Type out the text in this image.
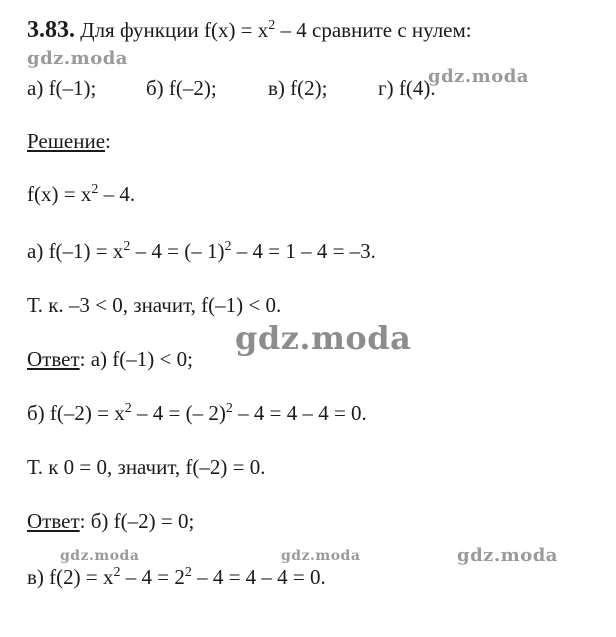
3.83. Для функции $f(x) = x^2 - 4$ сравните с нулем:
а) f(–1); б) f(–2); в) f(2); г) f(4).
Решение:
$f(x) = x^2 - 4$.
а) $f(-1) = x^2 - 4$ = (– 1)$^2$ – 4 = 1 – 4 = –3.
Т. к. –3 < 0, значит, f(–1) < 0.
Ответ: а) f(–1) < 0;
б) $f(-2) = x^2 - 4$ = (– 2)$^2$ – 4 = 4 – 4 = 0.
Т. к 0 = 0, значит, f(–2) = 0.
Ответ: б) f(–2) = 0;
в) $f(2) = x^2 - 4 = 2^2 - 4 = 4 - 4 = 0$.
gdz.moda
gdz.moda
gdz.moda
gdz.moda	gdz.moda	gdz.moda
